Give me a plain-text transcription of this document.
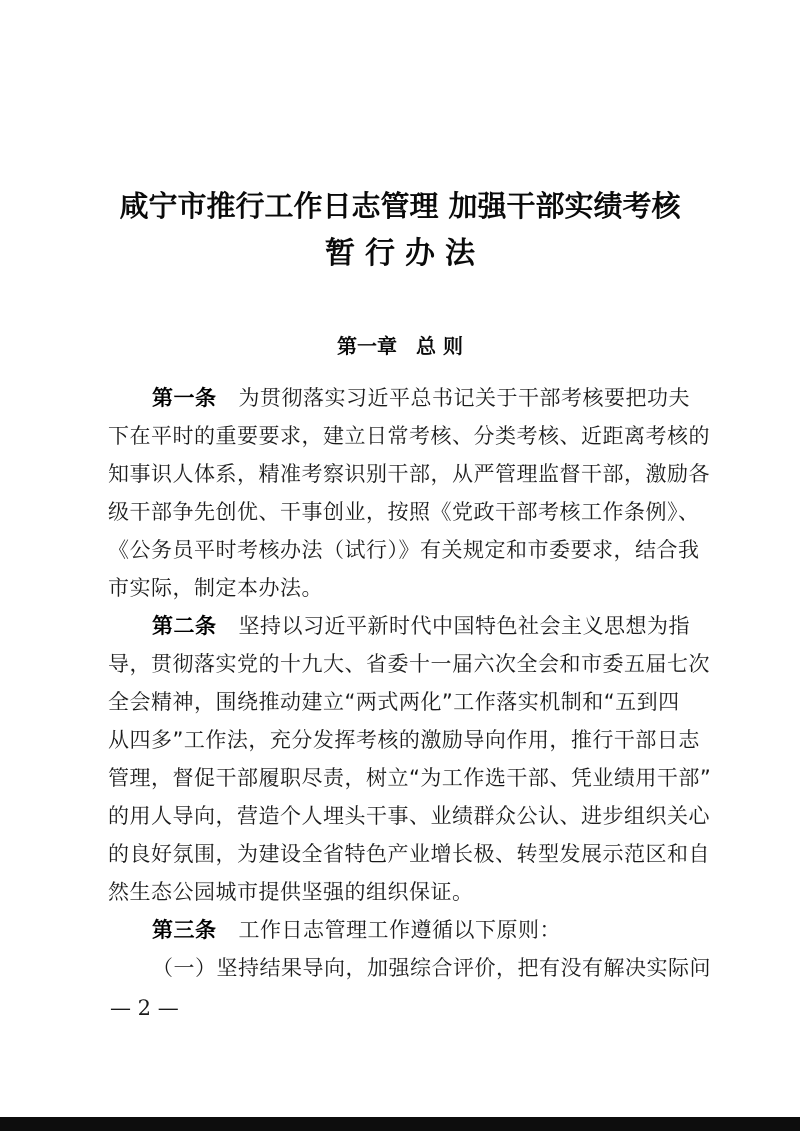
咸宁市推行工作日志管理 加强干部实绩考核
暂行办法
第一章 总 则
第一条 为贯彻落实习近平总书记关于干部考核要把功夫
下在平时的重要要求，建立日常考核、分类考核、近距离考核的
知事识人体系，精准考察识别干部，从严管理监督干部，激励各
级干部争先创优、干事创业，按照《党政干部考核工作条例》、
《公务员平时考核办法（试行）》有关规定和市委要求，结合我
市实际，制定本办法。
第二条 坚持以习近平新时代中国特色社会主义思想为指
导，贯彻落实党的十九大、省委十一届六次全会和市委五届七次
全会精神，围绕推动建立“两式两化”工作落实机制和“五到四
从四多”工作法，充分发挥考核的激励导向作用，推行干部日志
管理，督促干部履职尽责，树立“为工作选干部、凭业绩用干部”
的用人导向，营造个人埋头干事、业绩群众公认、进步组织关心
的良好氛围，为建设全省特色产业增长极、转型发展示范区和自
然生态公园城市提供坚强的组织保证。
第三条 工作日志管理工作遵循以下原则：
（一）坚持结果导向，加强综合评价，把有没有解决实际问
— 2 —
